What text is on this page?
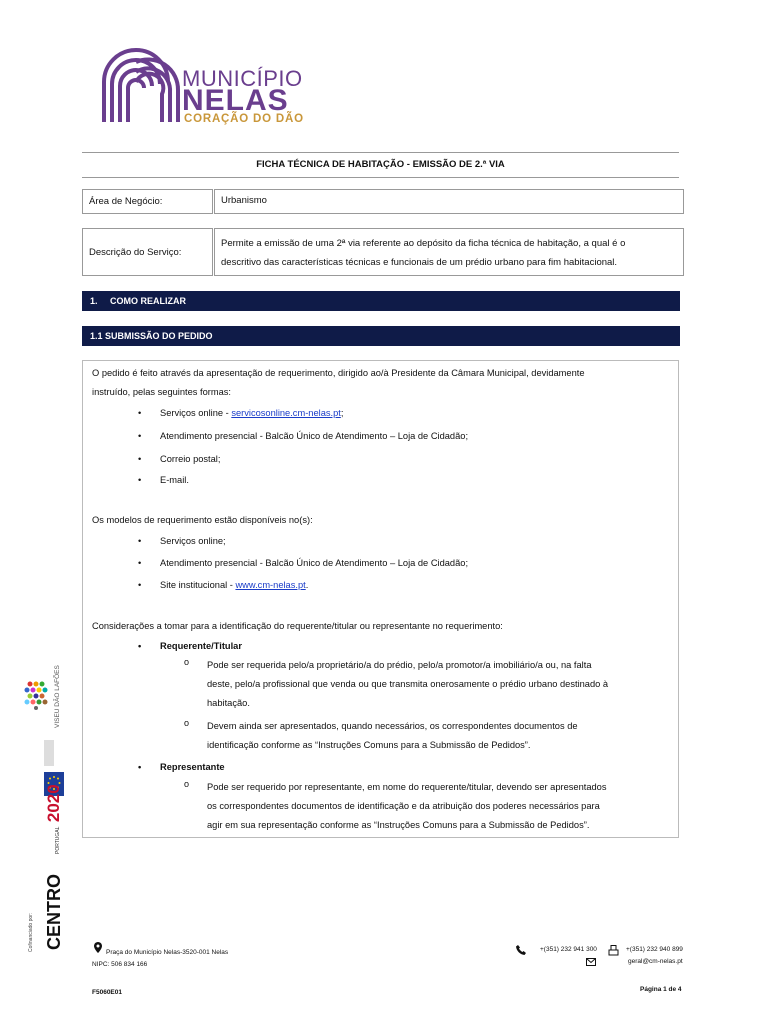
MUNICÍPIO
NELAS
CORAÇÃO DO DÃO
FICHA TÉCNICA DE HABITAÇÃO - EMISSÃO DE 2.ª VIA
Área de Negócio:	Urbanismo
Descrição do Serviço:
Permite a emissão de uma 2ª via referente ao depósito da ficha técnica de habitação, a qual é o
descritivo das características técnicas e funcionais de um prédio urbano para fim habitacional.
1.     COMO REALIZAR
1.1 SUBMISSÃO DO PEDIDO
O pedido é feito através da apresentação de requerimento, dirigido ao/à Presidente da Câmara Municipal, devidamente
instruído, pelas seguintes formas:
• Serviços online - servicosonline.cm-nelas.pt;
• Atendimento presencial - Balcão Único de Atendimento – Loja de Cidadão;
• Correio postal;
• E-mail.
Os modelos de requerimento estão disponíveis no(s):
• Serviços online;
• Atendimento presencial - Balcão Único de Atendimento – Loja de Cidadão;
• Site institucional - www.cm-nelas.pt.
Considerações a tomar para a identificação do requerente/titular ou representante no requerimento:
• Requerente/Titular
o Pode ser requerida pelo/a proprietário/a do prédio, pelo/a promotor/a imobiliário/a ou, na falta
deste, pelo/a profissional que venda ou que transmita onerosamente o prédio urbano destinado à
habitação.
o Devem ainda ser apresentados, quando necessários, os correspondentes documentos de
identificação conforme as “Instruções Comuns para a Submissão de Pedidos”.
• Representante
o Pode ser requerido por representante, em nome do requerente/titular, devendo ser apresentados
os correspondentes documentos de identificação e da atribuição dos poderes necessários para
agir em sua representação conforme as “Instruções Comuns para a Submissão de Pedidos”.
VISEU DÃO LAFÕES
PORTUGAL 2020
CENTRO
Cofinanciado por:
Praça do Município Nelas-3520-001 Nelas
NIPC: 506 834 166
+(351) 232 941 300	+(351) 232 940 899
geral@cm-nelas.pt
F5060E01	Página 1 de 4
